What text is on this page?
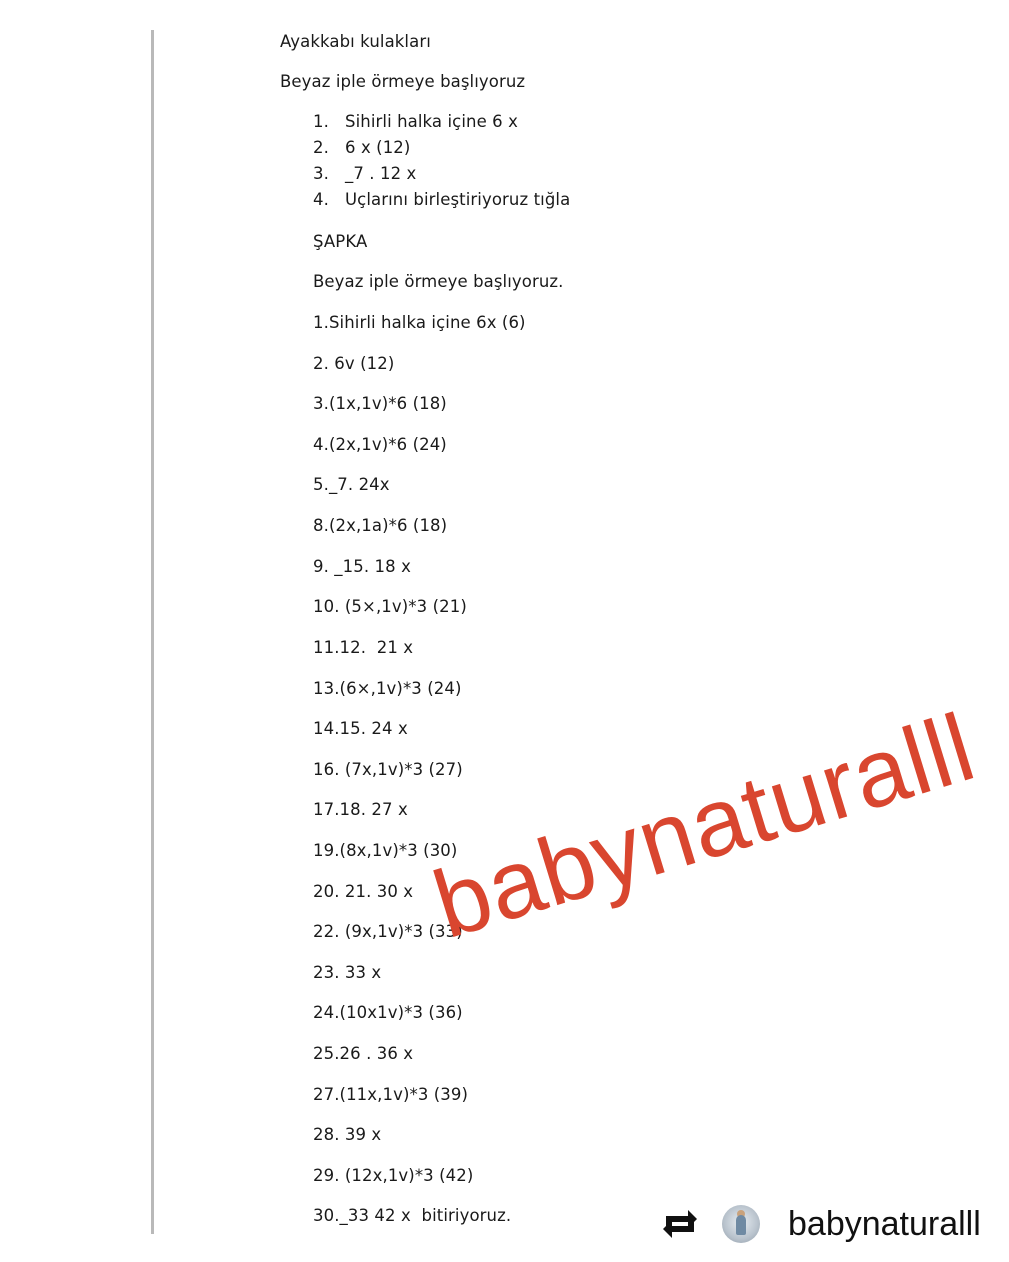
Ayakkabı kulakları
Beyaz iple örmeye başlıyoruz
1. Sihirli halka içine 6 x
2. 6 x (12)
3. _7 . 12 x
4. Uçlarını birleştiriyoruz tığla
ŞAPKA
Beyaz iple örmeye başlıyoruz.
1.Sihirli halka içine 6x (6)
2. 6v (12)
3.(1x,1v)*6 (18)
4.(2x,1v)*6 (24)
5._7. 24x
8.(2x,1a)*6 (18)
9. _15. 18 x
10. (5×,1v)*3 (21)
11.12.  21 x
13.(6×,1v)*3 (24)
14.15. 24 x
16. (7x,1v)*3 (27)
17.18. 27 x
19.(8x,1v)*3 (30)
20. 21. 30 x
22. (9x,1v)*3 (33)
23. 33 x
24.(10x1v)*3 (36)
25.26 . 36 x
27.(11x,1v)*3 (39)
28. 39 x
29. (12x,1v)*3 (42)
30._33 42 x  bitiriyoruz.
babynaturalll
babynaturalll
